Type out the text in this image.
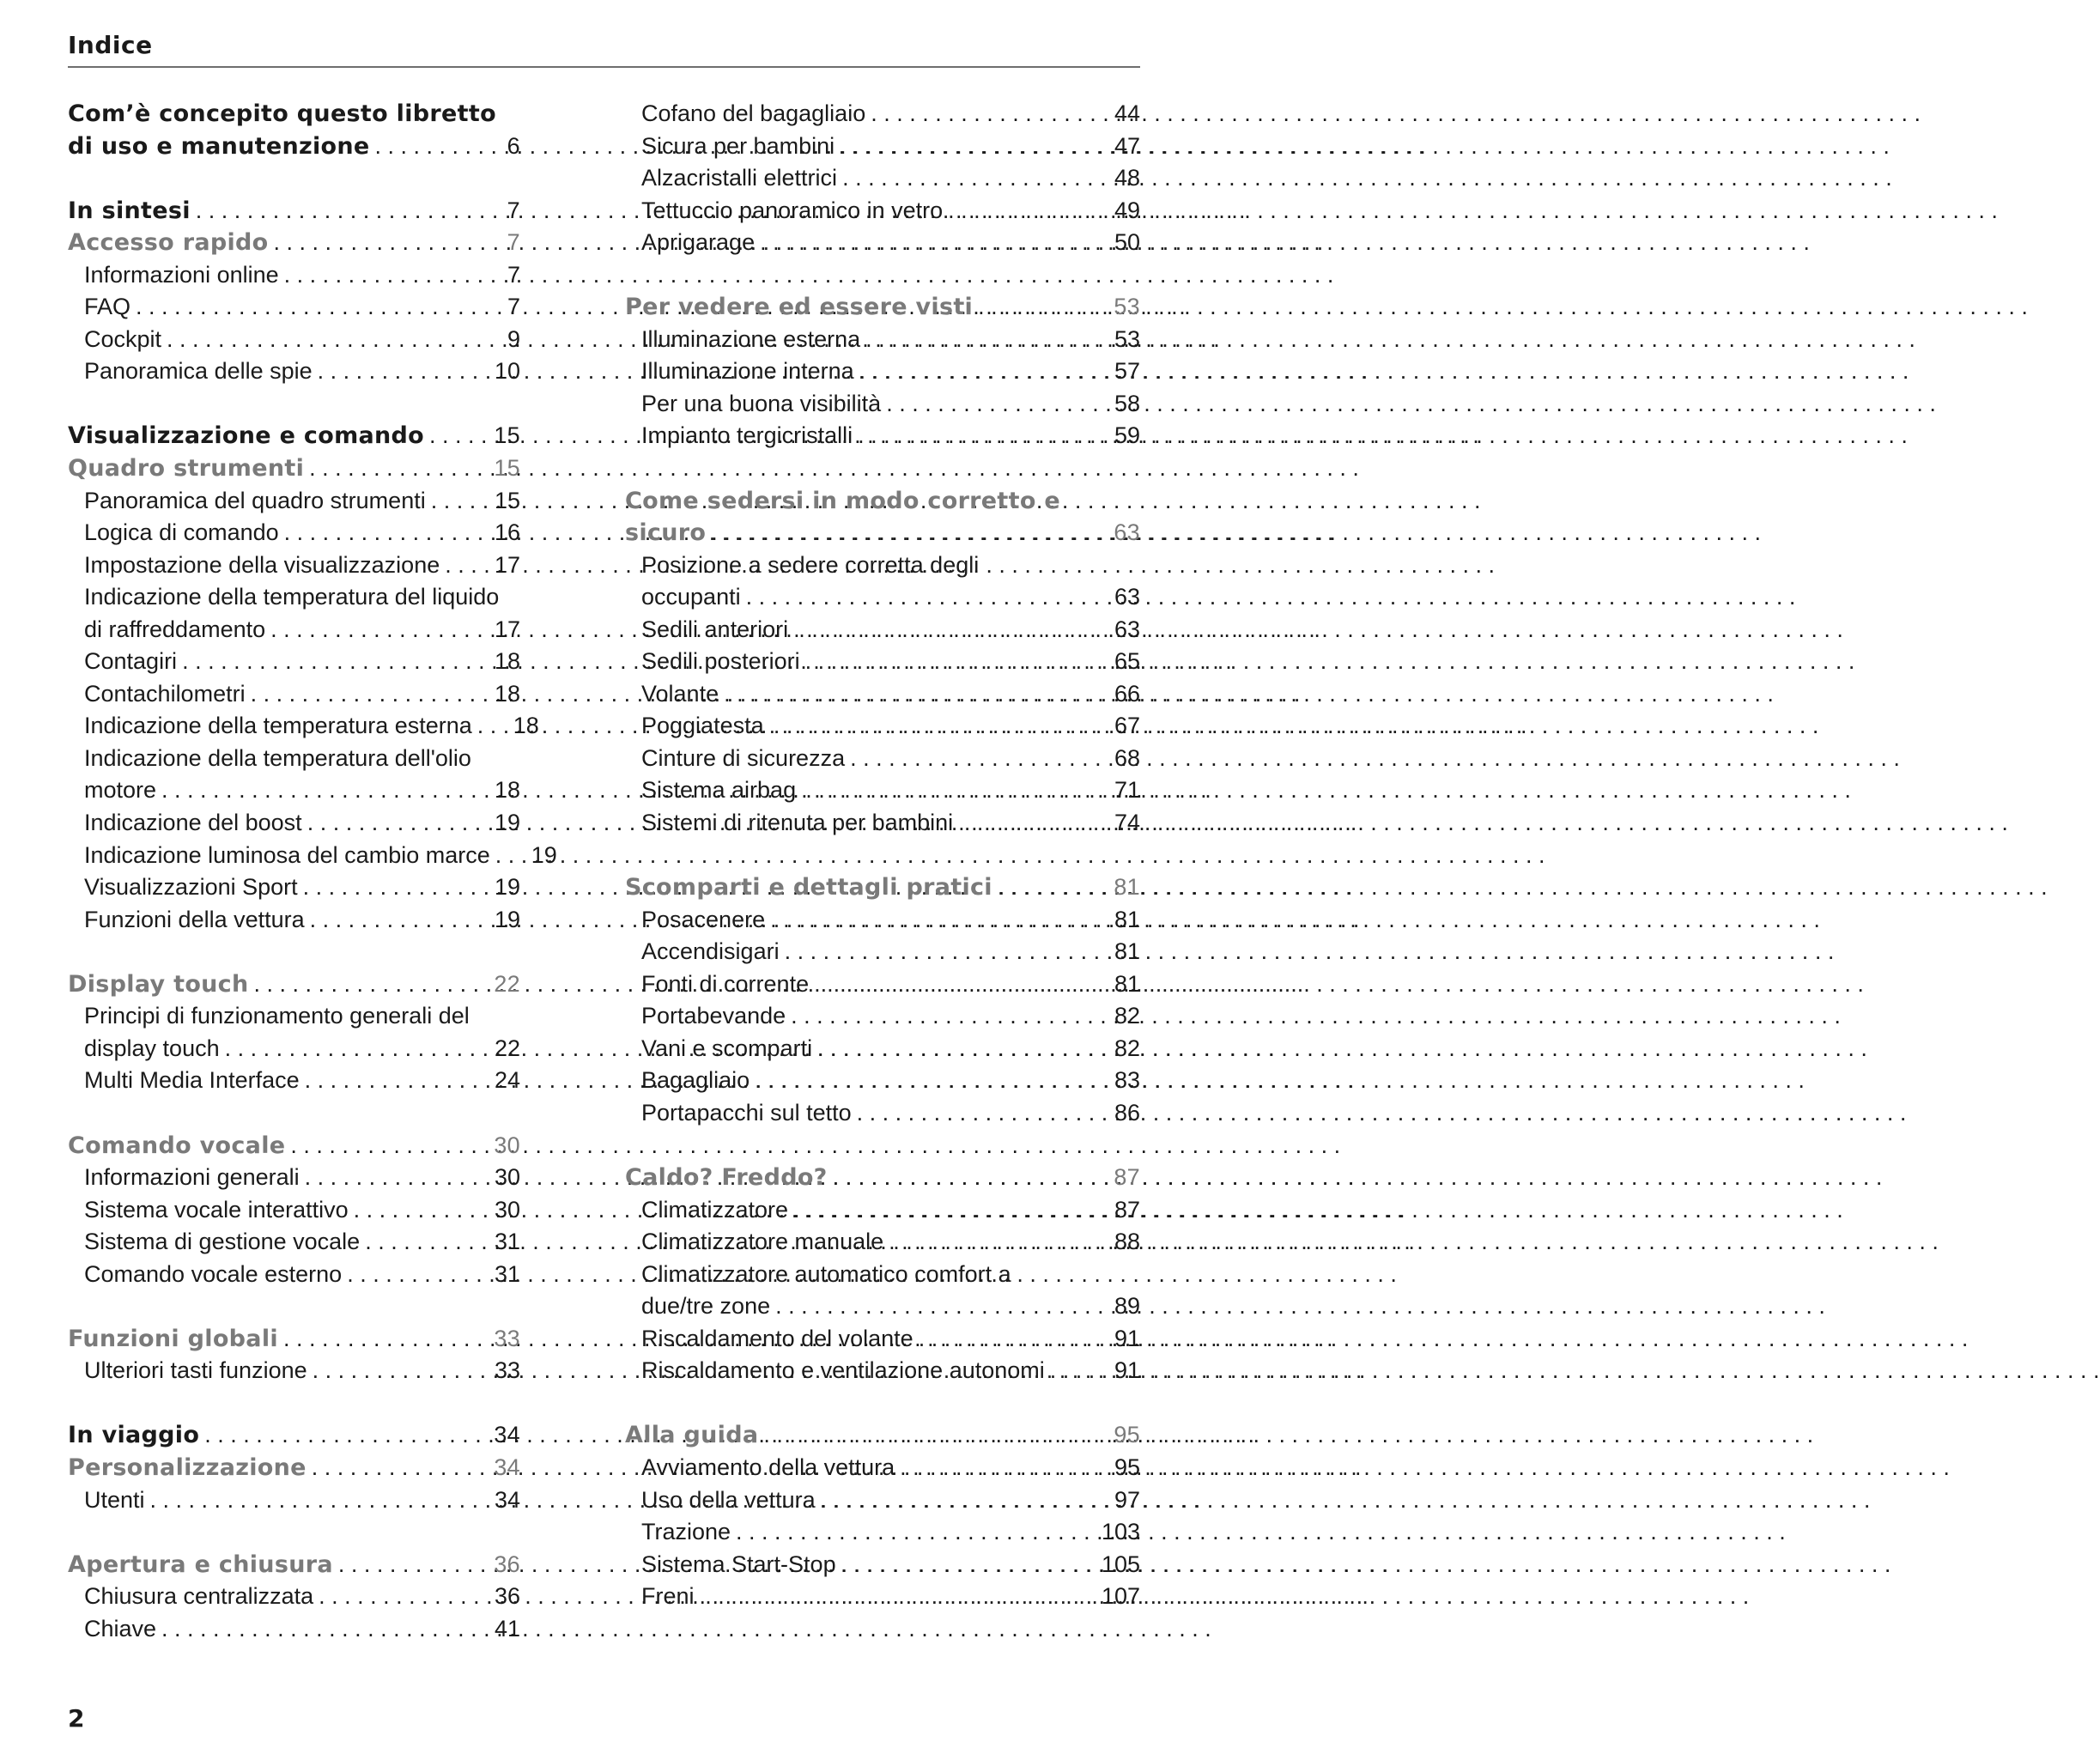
Indice
Com’è concepito questo libretto
di uso e manutenzione . . .	6
In sintesi . . .	7
Accesso rapido . . .	7
Informazioni online . . .	7
FAQ . . .	7
Cockpit . . .	9
Panoramica delle spie . . .	10
Visualizzazione e comando . . .	15
Quadro strumenti . . .	15
Panoramica del quadro strumenti . . .	15
Logica di comando . . .	16
Impostazione della visualizzazione . . .	17
Indicazione della temperatura del liquido
di raffreddamento . . .	17
Contagiri . . .	18
Contachilometri . . .	18
Indicazione della temperatura esterna . . .	18
Indicazione della temperatura dell'olio
motore . . .	18
Indicazione del boost . . .	19
Indicazione luminosa del cambio marce . . .	19
Visualizzazioni Sport . . .	19
Funzioni della vettura . . .	19
Display touch . . .	22
Principi di funzionamento generali del
display touch . . .	22
Multi Media Interface . . .	24
Comando vocale . . .	30
Informazioni generali . . .	30
Sistema vocale interattivo . . .	30
Sistema di gestione vocale . . .	31
Comando vocale esterno . . .	31
Funzioni globali . . .	33
Ulteriori tasti funzione . . .	33
In viaggio . . .	34
Personalizzazione . . .	34
Utenti . . .	34
Apertura e chiusura . . .	36
Chiusura centralizzata . . .	36
Chiave . . .	41
Cofano del bagagliaio . . .	44
Sicura per bambini . . .	47
Alzacristalli elettrici . . .	48
Tettuccio panoramico in vetro . . .	49
Aprigarage . . .	50
Per vedere ed essere visti . . .	53
Illuminazione esterna . . .	53
Illuminazione interna . . .	57
Per una buona visibilità . . .	58
Impianto tergicristalli . . .	59
Come sedersi in modo corretto e
sicuro . . .	63
Posizione a sedere corretta degli
occupanti . . .	63
Sedili anteriori . . .	63
Sedili posteriori . . .	65
Volante . . .	66
Poggiatesta . . .	67
Cinture di sicurezza . . .	68
Sistema airbag . . .	71
Sistemi di ritenuta per bambini . . .	74
Scomparti e dettagli pratici . . .	81
Posacenere . . .	81
Accendisigari . . .	81
Fonti di corrente . . .	81
Portabevande . . .	82
Vani e scomparti . . .	82
Bagagliaio . . .	83
Portapacchi sul tetto . . .	86
Caldo? Freddo? . . .	87
Climatizzatore . . .	87
Climatizzatore manuale . . .	88
Climatizzatore automatico comfort a
due/tre zone . . .	89
Riscaldamento del volante . . .	91
Riscaldamento e ventilazione autonomi . . .	91
Alla guida . . .	95
Avviamento della vettura . . .	95
Uso della vettura . . .	97
Trazione . . .	103
Sistema Start-Stop . . .	105
Freni . . .	107
2
